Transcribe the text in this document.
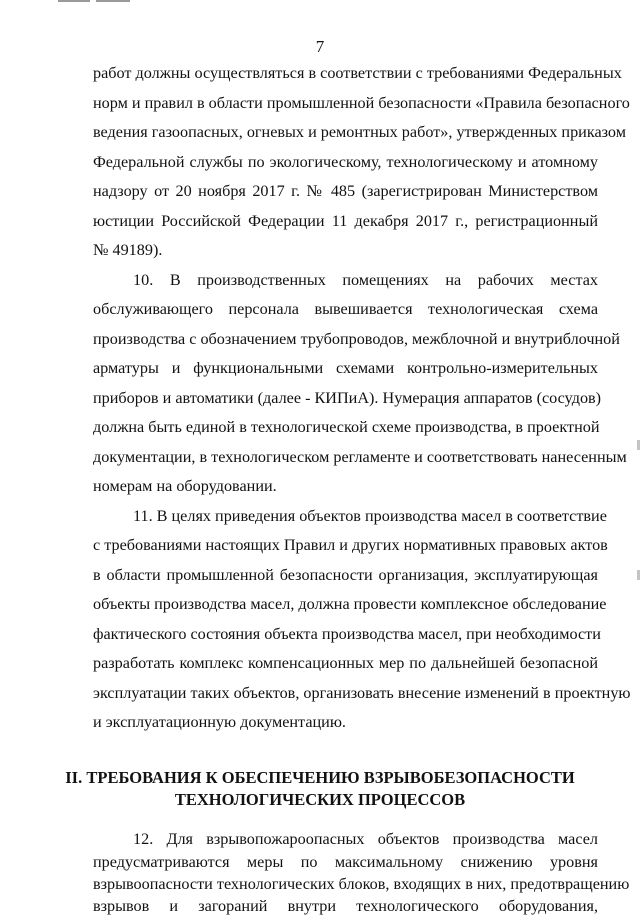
7
работ должны осуществляться в соответствии с требованиями Федеральных
норм и правил в области промышленной безопасности «Правила безопасного
ведения газоопасных, огневых и ремонтных работ», утвержденных приказом
Федеральной службы по экологическому, технологическому и атомному
надзору от 20 ноября 2017 г. № 485 (зарегистрирован Министерством
юстиции Российской Федерации 11 декабря 2017 г., регистрационный
№ 49189).
10. В производственных помещениях на рабочих местах
обслуживающего персонала вывешивается технологическая схема
производства с обозначением трубопроводов, межблочной и внутриблочной
арматуры и функциональными схемами контрольно-измерительных
приборов и автоматики (далее - КИПиА). Нумерация аппаратов (сосудов)
должна быть единой в технологической схеме производства, в проектной
документации, в технологическом регламенте и соответствовать нанесенным
номерам на оборудовании.
11. В целях приведения объектов производства масел в соответствие
с требованиями настоящих Правил и других нормативных правовых актов
в области промышленной безопасности организация, эксплуатирующая
объекты производства масел, должна провести комплексное обследование
фактического состояния объекта производства масел, при необходимости
разработать комплекс компенсационных мер по дальнейшей безопасной
эксплуатации таких объектов, организовать внесение изменений в проектную
и эксплуатационную документацию.
II. ТРЕБОВАНИЯ К ОБЕСПЕЧЕНИЮ ВЗРЫВОБЕЗОПАСНОСТИ
ТЕХНОЛОГИЧЕСКИХ ПРОЦЕССОВ
12. Для взрывопожароопасных объектов производства масел
предусматриваются меры по максимальному снижению уровня
взрывоопасности технологических блоков, входящих в них, предотвращению
взрывов и загораний внутри технологического оборудования,
